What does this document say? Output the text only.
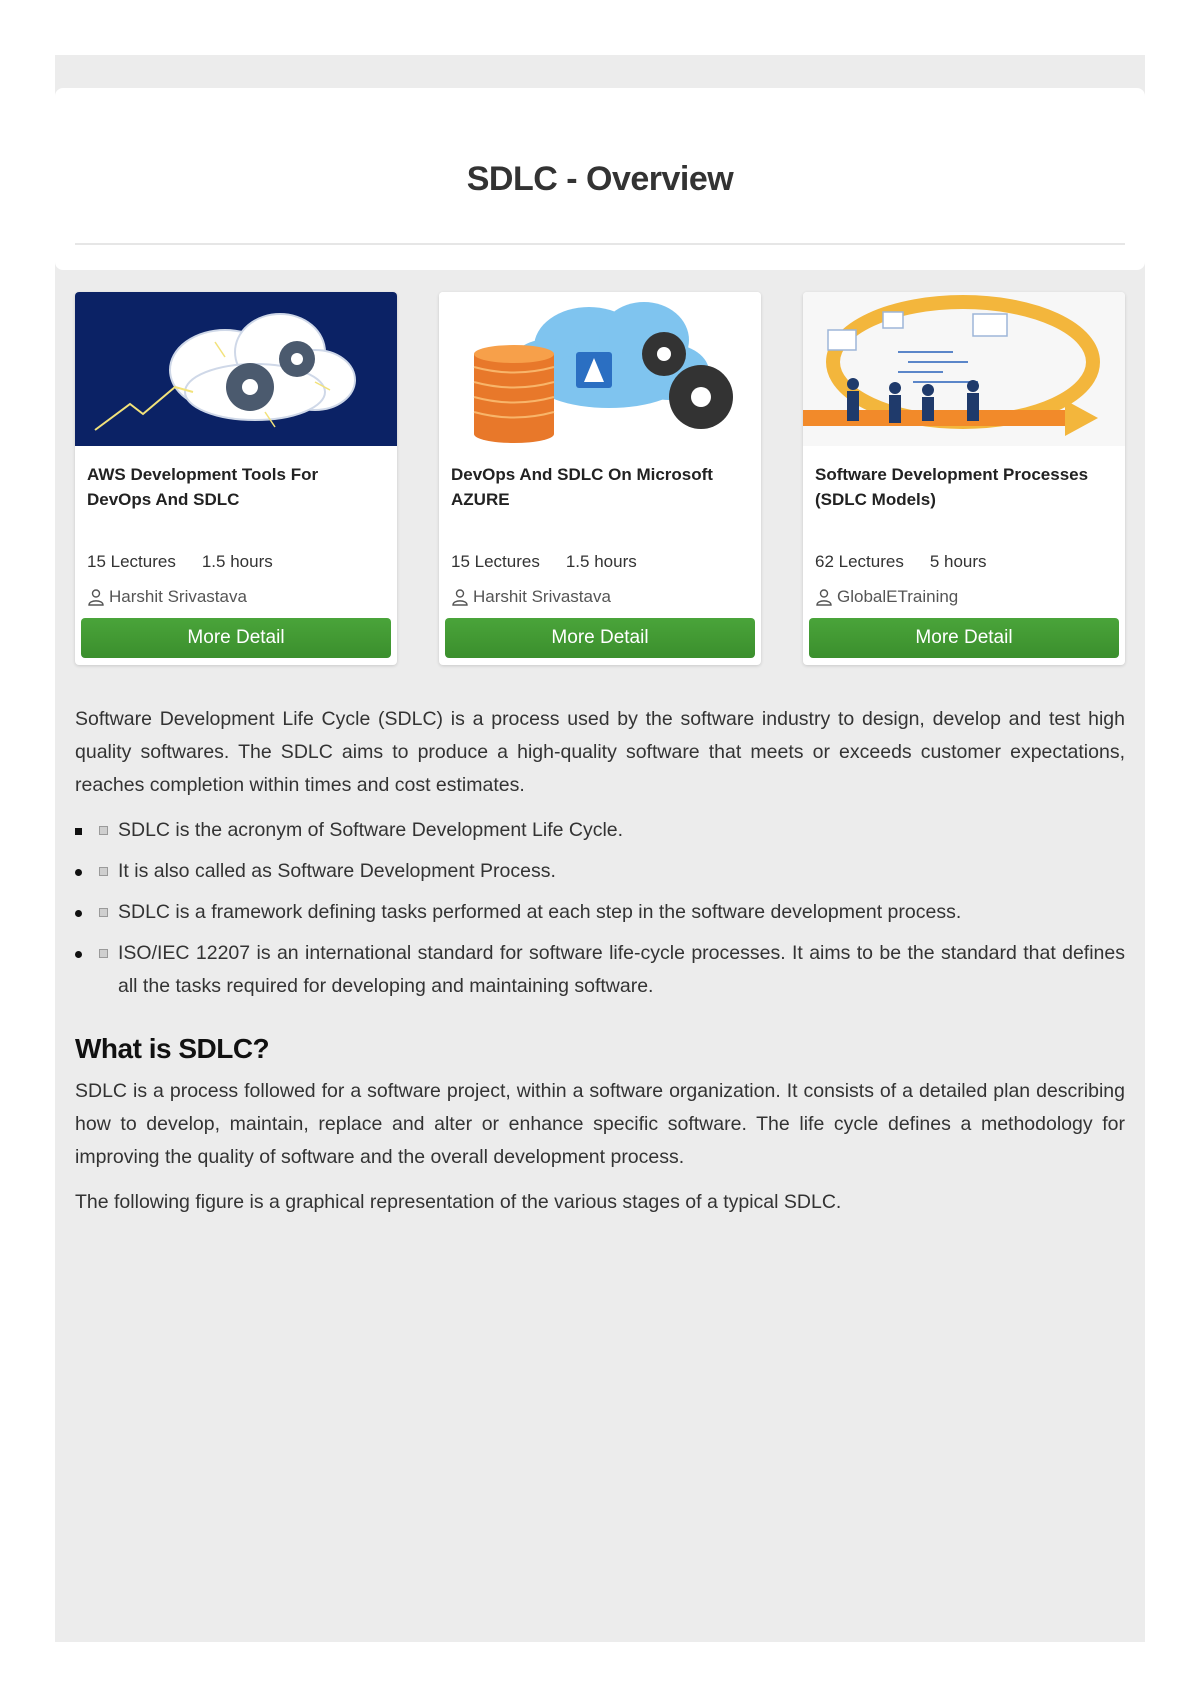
SDLC - Overview
AWS Development Tools For DevOps And SDLC
15 Lectures 1.5 hours
Harshit Srivastava
More Detail
DevOps And SDLC On Microsoft AZURE
15 Lectures 1.5 hours
Harshit Srivastava
More Detail
Software Development Processes (SDLC Models)
62 Lectures 5 hours
GlobalETraining
More Detail

Software Development Life Cycle (SDLC) is a process used by the software industry to design, develop and test high quality softwares. The SDLC aims to produce a high-quality software that meets or exceeds customer expectations, reaches completion within times and cost estimates.

SDLC is the acronym of Software Development Life Cycle.
It is also called as Software Development Process.
SDLC is a framework defining tasks performed at each step in the software development process.
ISO/IEC 12207 is an international standard for software life-cycle processes. It aims to be the standard that defines all the tasks required for developing and maintaining software.
What is SDLC?

SDLC is a process followed for a software project, within a software organization. It consists of a detailed plan describing how to develop, maintain, replace and alter or enhance specific software. The life cycle defines a methodology for improving the quality of software and the overall development process.

The following figure is a graphical representation of the various stages of a typical SDLC.
